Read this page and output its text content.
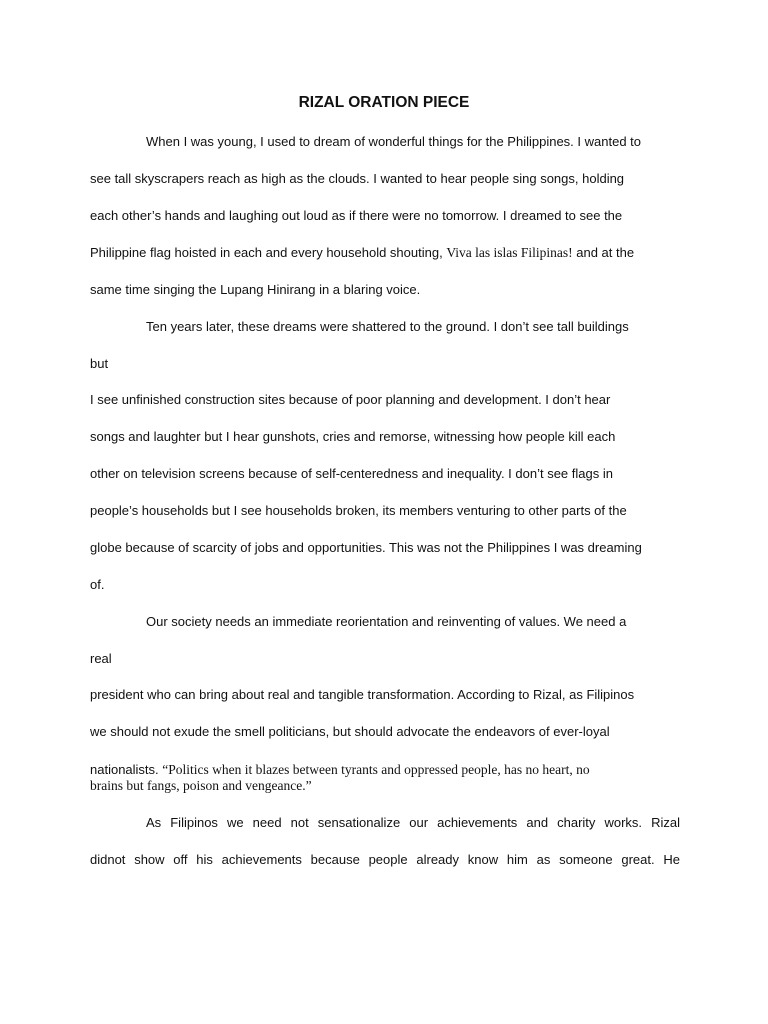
RIZAL ORATION PIECE
When I was young, I used to dream of wonderful things for the Philippines. I wanted to
see tall skyscrapers reach as high as the clouds. I wanted to hear people sing songs, holding
each other’s hands and laughing out loud as if there were no tomorrow. I dreamed to see the
Philippine flag hoisted in each and every household shouting, Viva las islas Filipinas! and at the
same time singing the Lupang Hinirang in a blaring voice.
Ten years later, these dreams were shattered to the ground. I don’t see tall buildings
but
I see unfinished construction sites because of poor planning and development. I don’t hear
songs and laughter but I hear gunshots, cries and remorse, witnessing how people kill each
other on television screens because of self-centeredness and inequality. I don’t see flags in
people’s households but I see households broken, its members venturing to other parts of the
globe because of scarcity of jobs and opportunities. This was not the Philippines I was dreaming
of.
Our society needs an immediate reorientation and reinventing of values. We need a
real
president who can bring about real and tangible transformation. According to Rizal, as Filipinos
we should not exude the smell politicians, but should advocate the endeavors of ever-loyal
nationalists. “Politics when it blazes between tyrants and oppressed people, has no heart, no
brains but fangs, poison and vengeance.”
As Filipinos we need not sensationalize our achievements and charity works. Rizal
didnot show off his achievements because people already know him as someone great. He
